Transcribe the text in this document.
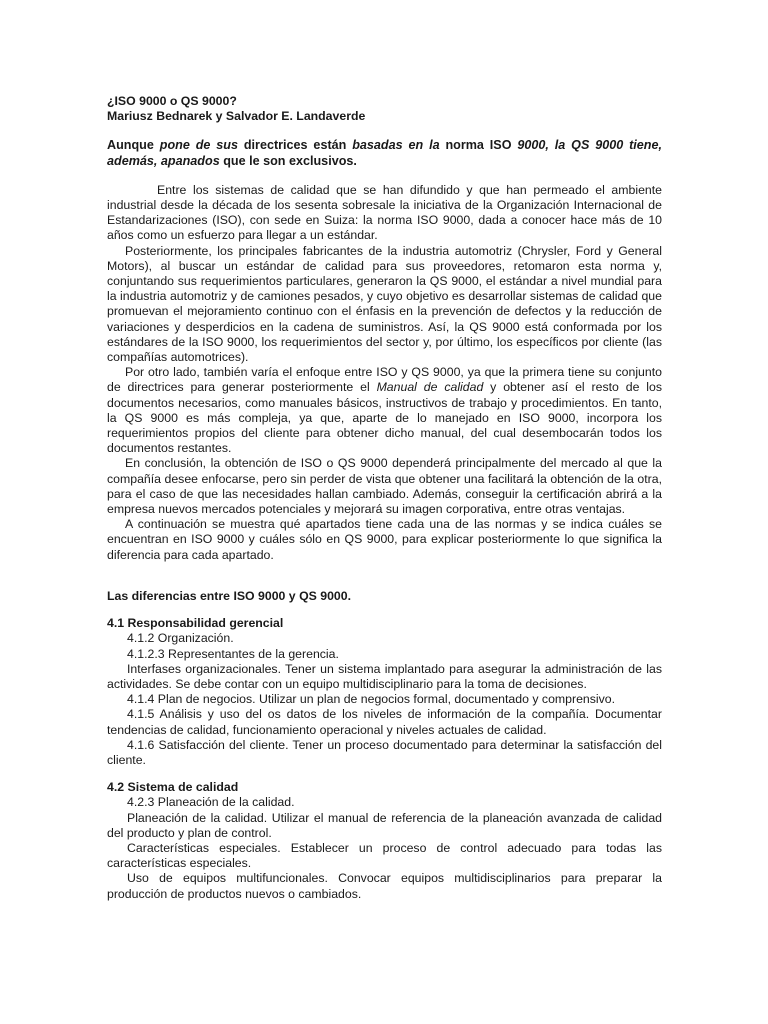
¿ISO 9000 o QS 9000?

Mariusz Bednarek y Salvador E. Landaverde

Aunque pone de sus directrices están basadas en la norma ISO 9000, la QS 9000 tiene, además, apanados que le son exclusivos.

Entre los sistemas de calidad que se han difundido y que han permeado el ambiente industrial desde la década de los sesenta sobresale la iniciativa de la Organización Internacional de Estandarizaciones (ISO), con sede en Suiza: la norma ISO 9000, dada a conocer hace más de 10 años como un esfuerzo para llegar a un estándar.

Posteriormente, los principales fabricantes de la industria automotriz (Chrysler, Ford y General Motors), al buscar un estándar de calidad para sus proveedores, retomaron esta norma y, conjuntando sus requerimientos particulares, generaron la QS 9000, el estándar a nivel mundial para la industria automotriz y de camiones pesados, y cuyo objetivo es desarrollar sistemas de calidad que promuevan el mejoramiento continuo con el énfasis en la prevención de defectos y la reducción de variaciones y desperdicios en la cadena de suministros. Así, la QS 9000 está conformada por los estándares de la ISO 9000, los requerimientos del sector y, por último, los específicos por cliente (las compañías automotrices).

Por otro lado, también varía el enfoque entre ISO y QS 9000, ya que la primera tiene su conjunto de directrices para generar posteriormente el Manual de calidad y obtener así el resto de los documentos necesarios, como manuales básicos, instructivos de trabajo y procedimientos. En tanto, la QS 9000 es más compleja, ya que, aparte de lo manejado en ISO 9000, incorpora los requerimientos propios del cliente para obtener dicho manual, del cual desembocarán todos los documentos restantes.

En conclusión, la obtención de ISO o QS 9000 dependerá principalmente del mercado al que la compañía desee enfocarse, pero sin perder de vista que obtener una facilitará la obtención de la otra, para el caso de que las necesidades hallan cambiado. Además, conseguir la certificación abrirá a la empresa nuevos mercados potenciales y mejorará su imagen corporativa, entre otras ventajas.

A continuación se muestra qué apartados tiene cada una de las normas y se indica cuáles se encuentran en ISO 9000 y cuáles sólo en QS 9000, para explicar posteriormente lo que significa la diferencia para cada apartado.

Las diferencias entre ISO 9000 y QS 9000.

4.1 Responsabilidad gerencial

4.1.2 Organización.

4.1.2.3 Representantes de la gerencia.

Interfases organizacionales. Tener un sistema implantado para asegurar la administración de las actividades. Se debe contar con un equipo multidisciplinario para la toma de decisiones.

4.1.4 Plan de negocios. Utilizar un plan de negocios formal, documentado y comprensivo.

4.1.5 Análisis y uso del os datos de los niveles de información de la compañía. Documentar tendencias de calidad, funcionamiento operacional y niveles actuales de calidad.

4.1.6 Satisfacción del cliente. Tener un proceso documentado para determinar la satisfacción del cliente.

4.2 Sistema de calidad

4.2.3 Planeación de la calidad.

Planeación de la calidad. Utilizar el manual de referencia de la planeación avanzada de calidad del producto y plan de control.

Características especiales. Establecer un proceso de control adecuado para todas las características especiales.

Uso de equipos multifuncionales. Convocar equipos multidisciplinarios para preparar la producción de productos nuevos o cambiados.
